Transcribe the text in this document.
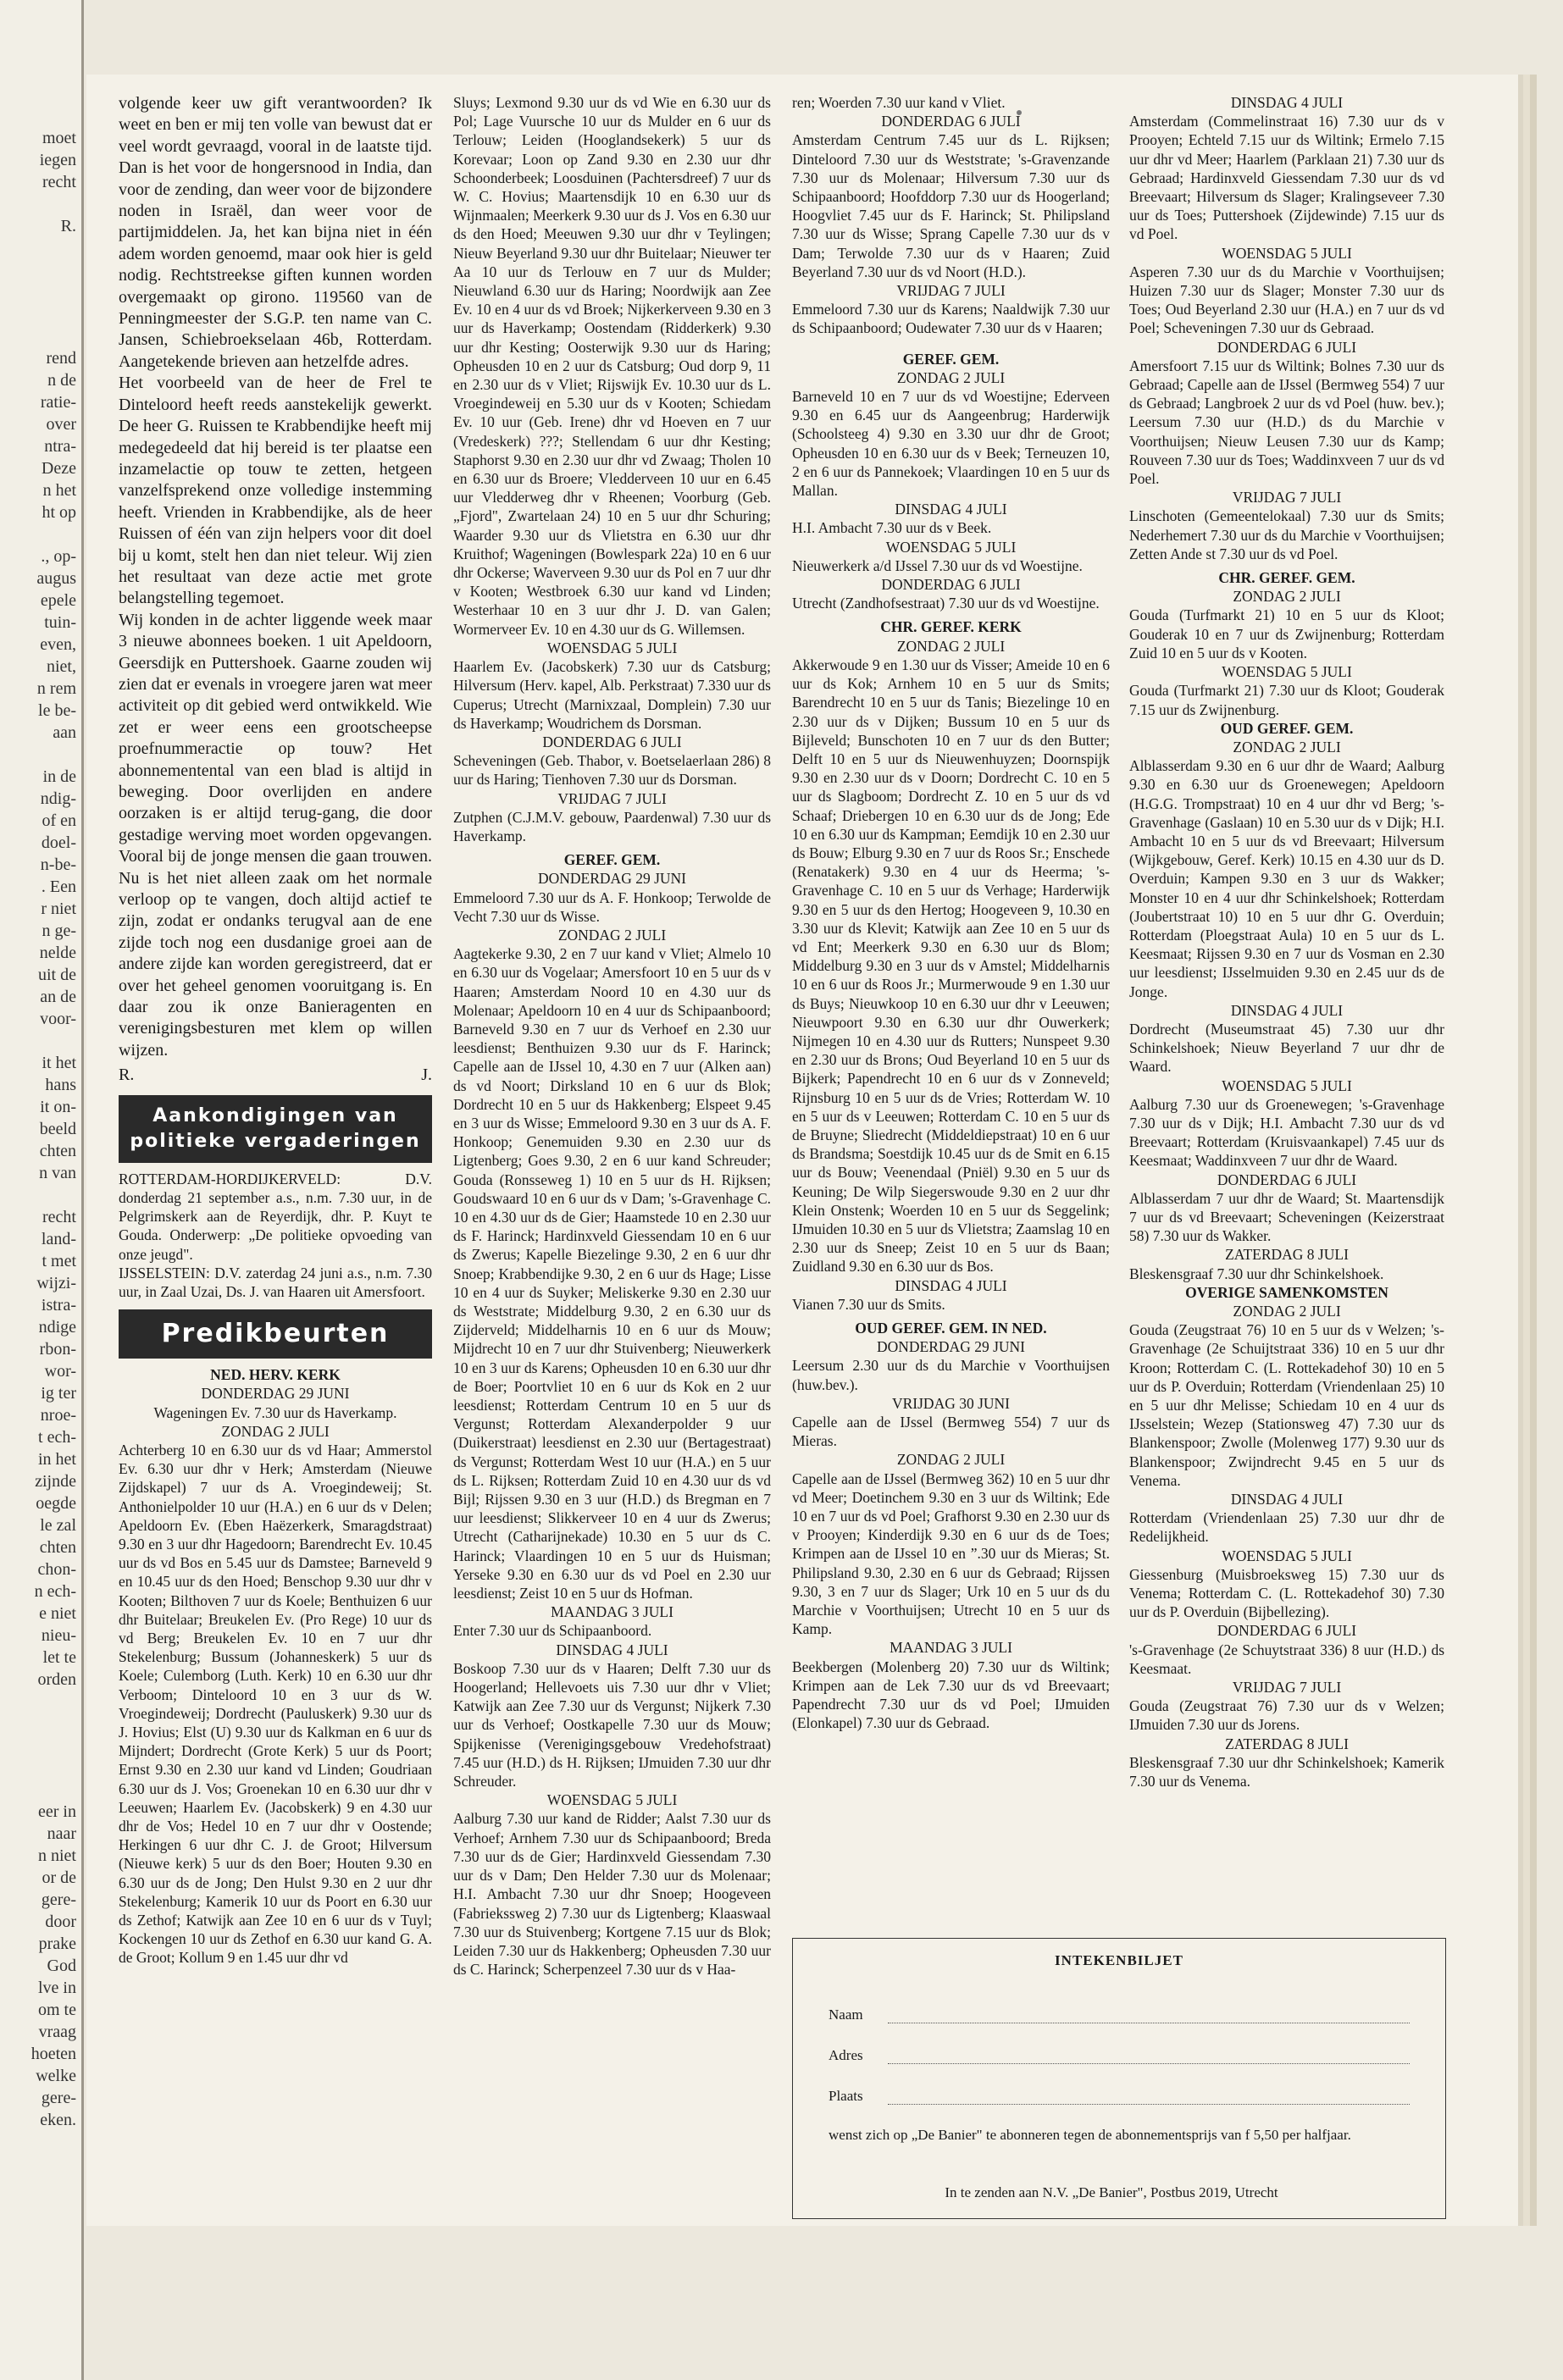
moet
iegen
recht

R.

rend
n de
ratie-
over
ntra-
Deze
n het
ht op

., op-
augus
epele
tuin-
even,
niet,
n rem
le be-
aan

in de
ndig-
of en
doel-
n-be-
. Een
r niet
n ge-
nelde
uit de
an de
voor-

it het
hans
it on-
beeld
chten
n van

recht
land-
t met
wijzi-
istra-
ndige
rbon-
wor-
ig ter
nroe-
t ech-
in het
zijnde
oegde
le zal
chten
chon-
n ech-
e niet
nieu-
let te
orden

eer in
naar
n niet
or de
gere-
door
prake
God
lve in
om te
vraag
hoeten
welke
gere-
eken.

volgende keer uw gift verantwoorden? Ik weet en ben er mij ten volle van bewust dat er veel wordt gevraagd, vooral in de laatste tijd. Dan is het voor de hongersnood in India, dan voor de zending, dan weer voor de bijzondere noden in Israël, dan weer voor de partijmiddelen. Ja, het kan bijna niet in één adem worden genoemd, maar ook hier is geld nodig. Rechtstreekse giften kunnen worden overgemaakt op girono. 119560 van de Penningmeester der S.G.P. ten name van C. Jansen, Schiebroekselaan 46b, Rotterdam. Aangetekende brieven aan hetzelfde adres.

Het voorbeeld van de heer de Frel te Dinteloord heeft reeds aanstekelijk gewerkt. De heer G. Ruissen te Krabbendijke heeft mij medegedeeld dat hij bereid is ter plaatse een inzamelactie op touw te zetten, hetgeen vanzelfsprekend onze volledige instemming heeft. Vrienden in Krabbendijke, als de heer Ruissen of één van zijn helpers voor dit doel bij u komt, stelt hen dan niet teleur. Wij zien het resultaat van deze actie met grote belangstelling tegemoet.

Wij konden in de achter liggende week maar 3 nieuwe abonnees boeken. 1 uit Apeldoorn, Geersdijk en Puttershoek. Gaarne zouden wij zien dat er evenals in vroegere jaren wat meer activiteit op dit gebied werd ontwikkeld. Wie zet er weer eens een grootscheepse proefnummeractie op touw? Het abonnementental van een blad is altijd in beweging. Door overlijden en andere oorzaken is er altijd terug-gang, die door gestadige werving moet worden opgevangen. Vooral bij de jonge mensen die gaan trouwen. Nu is het niet alleen zaak om het normale verloop op te vangen, doch altijd actief te zijn, zodat er ondanks terugval aan de ene zijde toch nog een dusdanige groei aan de andere zijde kan worden geregistreerd, dat er over het geheel genomen vooruitgang is. En daar zou ik onze Banieragenten en verenigingsbesturen met klem op willen wijzen.

R.	J.
Aankondigingen van
politieke vergaderingen

ROTTERDAM-HORDIJKERVELD: D.V. donderdag 21 september a.s., n.m. 7.30 uur, in de Pelgrimskerk aan de Reyerdijk, dhr. P. Kuyt te Gouda. Onderwerp: „De politieke opvoeding van onze jeugd".

IJSSELSTEIN: D.V. zaterdag 24 juni a.s., n.m. 7.30 uur, in Zaal Uzai, Ds. J. van Haaren uit Amersfoort.

Predikbeurten
NED. HERV. KERK
DONDERDAG 29 JUNI

Wageningen Ev. 7.30 uur ds Haverkamp.

ZONDAG 2 JULI

Achterberg 10 en 6.30 uur ds vd Haar; Ammerstol Ev. 6.30 uur dhr v Herk; Amsterdam (Nieuwe Zijdskapel) 7 uur ds A. Vroegindeweij; St. Anthonielpolder 10 uur (H.A.) en 6 uur ds v Delen; Apeldoorn Ev. (Eben Haëzerkerk, Smaragdstraat) 9.30 en 3 uur dhr Hagedoorn; Barendrecht Ev. 10.45 uur ds vd Bos en 5.45 uur ds Damstee; Barneveld 9 en 10.45 uur ds den Hoed; Benschop 9.30 uur dhr v Kooten; Bilthoven 7 uur ds Koele; Benthuizen 6 uur dhr Buitelaar; Breukelen Ev. (Pro Rege) 10 uur ds vd Berg; Breukelen Ev. 10 en 7 uur dhr Stekelenburg; Bussum (Johanneskerk) 5 uur ds Koele; Culemborg (Luth. Kerk) 10 en 6.30 uur dhr Verboom; Dinteloord 10 en 3 uur ds W. Vroegindeweij; Dordrecht (Pauluskerk) 9.30 uur ds J. Hovius; Elst (U) 9.30 uur ds Kalkman en 6 uur ds Mijndert; Dordrecht (Grote Kerk) 5 uur ds Poort; Ernst 9.30 en 2.30 uur kand vd Linden; Goudriaan 6.30 uur ds J. Vos; Groenekan 10 en 6.30 uur dhr v Leeuwen; Haarlem Ev. (Jacobskerk) 9 en 4.30 uur dhr de Vos; Hedel 10 en 7 uur dhr v Oostende; Herkingen 6 uur dhr C. J. de Groot; Hilversum (Nieuwe kerk) 5 uur ds den Boer; Houten 9.30 en 6.30 uur ds de Jong; Den Hulst 9.30 en 2 uur dhr Stekelenburg; Kamerik 10 uur ds Poort en 6.30 uur ds Zethof; Katwijk aan Zee 10 en 6 uur ds v Tuyl; Kockengen 10 uur ds Zethof en 6.30 uur kand G. A. de Groot; Kollum 9 en 1.45 uur dhr vd

Sluys; Lexmond 9.30 uur ds vd Wie en 6.30 uur ds Pol; Lage Vuursche 10 uur ds Mulder en 6 uur ds Terlouw; Leiden (Hooglandsekerk) 5 uur ds Korevaar; Loon op Zand 9.30 en 2.30 uur dhr Schoonderbeek; Loosduinen (Pachtersdreef) 7 uur ds W. C. Hovius; Maartensdijk 10 en 6.30 uur ds Wijnmaalen; Meerkerk 9.30 uur ds J. Vos en 6.30 uur ds den Hoed; Meeuwen 9.30 uur dhr v Teylingen; Nieuw Beyerland 9.30 uur dhr Buitelaar; Nieuwer ter Aa 10 uur ds Terlouw en 7 uur ds Mulder; Nieuwland 6.30 uur ds Haring; Noordwijk aan Zee Ev. 10 en 4 uur ds vd Broek; Nijkerkerveen 9.30 en 3 uur ds Haverkamp; Oostendam (Ridderkerk) 9.30 uur dhr Kesting; Oosterwijk 9.30 uur ds Haring; Opheusden 10 en 2 uur ds Catsburg; Oud dorp 9, 11 en 2.30 uur ds v Vliet; Rijswijk Ev. 10.30 uur ds L. Vroegindeweij en 5.30 uur ds v Kooten; Schiedam Ev. 10 uur (Geb. Irene) dhr vd Hoeven en 7 uur (Vredeskerk) ???; Stellendam 6 uur dhr Kesting; Staphorst 9.30 en 2.30 uur dhr vd Zwaag; Tholen 10 en 6.30 uur ds Broere; Vledderveen 10 uur en 6.45 uur Vledderweg dhr v Rheenen; Voorburg (Geb. „Fjord", Zwartelaan 24) 10 en 5 uur dhr Schuring; Waarder 9.30 uur ds Vlietstra en 6.30 uur dhr Kruithof; Wageningen (Bowlespark 22a) 10 en 6 uur dhr Ockerse; Waverveen 9.30 uur ds Pol en 7 uur dhr v Kooten; Westbroek 6.30 uur kand vd Linden; Westerhaar 10 en 3 uur dhr J. D. van Galen; Wormerveer Ev. 10 en 4.30 uur ds G. Willemsen.

WOENSDAG 5 JULI

Haarlem Ev. (Jacobskerk) 7.30 uur ds Catsburg; Hilversum (Herv. kapel, Alb. Perkstraat) 7.330 uur ds Cuperus; Utrecht (Marnixzaal, Domplein) 7.30 uur ds Haverkamp; Woudrichem ds Dorsman.

DONDERDAG 6 JULI

Scheveningen (Geb. Thabor, v. Boetselaerlaan 286) 8 uur ds Haring; Tienhoven 7.30 uur ds Dorsman.

VRIJDAG 7 JULI

Zutphen (C.J.M.V. gebouw, Paardenwal) 7.30 uur ds Haverkamp.

GEREF. GEM.
DONDERDAG 29 JUNI

Emmeloord 7.30 uur ds A. F. Honkoop; Terwolde de Vecht 7.30 uur ds Wisse.

ZONDAG 2 JULI

Aagtekerke 9.30, 2 en 7 uur kand v Vliet; Almelo 10 en 6.30 uur ds Vogelaar; Amersfoort 10 en 5 uur ds v Haaren; Amsterdam Noord 10 en 4.30 uur ds Molenaar; Apeldoorn 10 en 4 uur ds Schipaanboord; Barneveld 9.30 en 7 uur ds Verhoef en 2.30 uur leesdienst; Benthuizen 9.30 uur ds F. Harinck; Capelle aan de IJssel 10, 4.30 en 7 uur (Alken aan) ds vd Noort; Dirksland 10 en 6 uur ds Blok; Dordrecht 10 en 5 uur ds Hakkenberg; Elspeet 9.45 en 3 uur ds Wisse; Emmeloord 9.30 en 3 uur ds A. F. Honkoop; Genemuiden 9.30 en 2.30 uur ds Ligtenberg; Goes 9.30, 2 en 6 uur kand Schreuder; Gouda (Ronsseweg 1) 10 en 5 uur ds H. Rijksen; Goudswaard 10 en 6 uur ds v Dam; 's-Gravenhage C. 10 en 4.30 uur ds de Gier; Haamstede 10 en 2.30 uur ds F. Harinck; Hardinxveld Giessendam 10 en 6 uur ds Zwerus; Kapelle Biezelinge 9.30, 2 en 6 uur dhr Snoep; Krabbendijke 9.30, 2 en 6 uur ds Hage; Lisse 10 en 4 uur ds Suyker; Meliskerke 9.30 en 2.30 uur ds Weststrate; Middelburg 9.30, 2 en 6.30 uur ds Zijderveld; Middelharnis 10 en 6 uur ds Mouw; Mijdrecht 10 en 7 uur dhr Stuivenberg; Nieuwerkerk 10 en 3 uur ds Karens; Opheusden 10 en 6.30 uur dhr de Boer; Poortvliet 10 en 6 uur ds Kok en 2 uur leesdienst; Rotterdam Centrum 10 en 5 uur ds Vergunst; Rotterdam Alexanderpolder 9 uur (Duikerstraat) leesdienst en 2.30 uur (Bertagestraat) ds Vergunst; Rotterdam West 10 uur (H.A.) en 5 uur ds L. Rijksen; Rotterdam Zuid 10 en 4.30 uur ds vd Bijl; Rijssen 9.30 en 3 uur (H.D.) ds Bregman en 7 uur leesdienst; Slikkerveer 10 en 4 uur ds Zwerus; Utrecht (Catharijnekade) 10.30 en 5 uur ds C. Harinck; Vlaardingen 10 en 5 uur ds Huisman; Yerseke 9.30 en 6.30 uur ds vd Poel en 2.30 uur leesdienst; Zeist 10 en 5 uur ds Hofman.

MAANDAG 3 JULI

Enter 7.30 uur ds Schipaanboord.

DINSDAG 4 JULI

Boskoop 7.30 uur ds v Haaren; Delft 7.30 uur ds Hoogerland; Hellevoets uis 7.30 uur dhr v Vliet; Katwijk aan Zee 7.30 uur ds Vergunst; Nijkerk 7.30 uur ds Verhoef; Oostkapelle 7.30 uur ds Mouw; Spijkenisse (Verenigingsgebouw Vredehofstraat) 7.45 uur (H.D.) ds H. Rijksen; IJmuiden 7.30 uur dhr Schreuder.

WOENSDAG 5 JULI

Aalburg 7.30 uur kand de Ridder; Aalst 7.30 uur ds Verhoef; Arnhem 7.30 uur ds Schipaanboord; Breda 7.30 uur ds de Gier; Hardinxveld Giessendam 7.30 uur ds v Dam; Den Helder 7.30 uur ds Molenaar; H.I. Ambacht 7.30 uur dhr Snoep; Hoogeveen (Fabriekssweg 2) 7.30 uur ds Ligtenberg; Klaaswaal 7.30 uur ds Stuivenberg; Kortgene 7.15 uur ds Blok; Leiden 7.30 uur ds Hakkenberg; Opheusden 7.30 uur ds C. Harinck; Scherpenzeel 7.30 uur ds v Haa-

ren; Woerden 7.30 uur kand v Vliet.

DONDERDAG 6 JULI

Amsterdam Centrum 7.45 uur ds L. Rijksen; Dinteloord 7.30 uur ds Weststrate; 's-Gravenzande 7.30 uur ds Molenaar; Hilversum 7.30 uur ds Schipaanboord; Hoofddorp 7.30 uur ds Hoogerland; Hoogvliet 7.45 uur ds F. Harinck; St. Philipsland 7.30 uur ds Wisse; Sprang Capelle 7.30 uur ds v Dam; Terwolde 7.30 uur ds v Haaren; Zuid Beyerland 7.30 uur ds vd Noort (H.D.).

VRIJDAG 7 JULI

Emmeloord 7.30 uur ds Karens; Naaldwijk 7.30 uur ds Schipaanboord; Oudewater 7.30 uur ds v Haaren;

GEREF. GEM.
ZONDAG 2 JULI

Barneveld 10 en 7 uur ds vd Woestijne; Ederveen 9.30 en 6.45 uur ds Aangeenbrug; Harderwijk (Schoolsteeg 4) 9.30 en 3.30 uur dhr de Groot; Opheusden 10 en 6.30 uur ds v Beek; Terneuzen 10, 2 en 6 uur ds Pannekoek; Vlaardingen 10 en 5 uur ds Mallan.

DINSDAG 4 JULI

H.I. Ambacht 7.30 uur ds v Beek.

WOENSDAG 5 JULI

Nieuwerkerk a/d IJssel 7.30 uur ds vd Woestijne.

DONDERDAG 6 JULI

Utrecht (Zandhofsestraat) 7.30 uur ds vd Woestijne.

CHR. GEREF. KERK
ZONDAG 2 JULI

Akkerwoude 9 en 1.30 uur ds Visser; Ameide 10 en 6 uur ds Kok; Arnhem 10 en 5 uur ds Smits; Barendrecht 10 en 5 uur ds Tanis; Biezelinge 10 en 2.30 uur ds v Dijken; Bussum 10 en 5 uur ds Bijleveld; Bunschoten 10 en 7 uur ds den Butter; Delft 10 en 5 uur ds Nieuwenhuyzen; Doornspijk 9.30 en 2.30 uur ds v Doorn; Dordrecht C. 10 en 5 uur ds Slagboom; Dordrecht Z. 10 en 5 uur ds vd Schaaf; Driebergen 10 en 6.30 uur ds de Jong; Ede 10 en 6.30 uur ds Kampman; Eemdijk 10 en 2.30 uur ds Bouw; Elburg 9.30 en 7 uur ds Roos Sr.; Enschede (Renatakerk) 9.30 en 4 uur ds Heerma; 's-Gravenhage C. 10 en 5 uur ds Verhage; Harderwijk 9.30 en 5 uur ds den Hertog; Hoogeveen 9, 10.30 en 3.30 uur ds Klevit; Katwijk aan Zee 10 en 5 uur ds vd Ent; Meerkerk 9.30 en 6.30 uur ds Blom; Middelburg 9.30 en 3 uur ds v Amstel; Middelharnis 10 en 6 uur ds Roos Jr.; Murmerwoude 9 en 1.30 uur ds Buys; Nieuwkoop 10 en 6.30 uur dhr v Leeuwen; Nieuwpoort 9.30 en 6.30 uur dhr Ouwerkerk; Nijmegen 10 en 4.30 uur ds Rutters; Nunspeet 9.30 en 2.30 uur ds Brons; Oud Beyerland 10 en 5 uur ds Bijkerk; Papendrecht 10 en 6 uur ds v Zonneveld; Rijnsburg 10 en 5 uur ds de Vries; Rotterdam W. 10 en 5 uur ds v Leeuwen; Rotterdam C. 10 en 5 uur ds de Bruyne; Sliedrecht (Middeldiepstraat) 10 en 6 uur ds Brandsma; Soestdijk 10.45 uur ds de Smit en 6.15 uur ds Bouw; Veenendaal (Pniël) 9.30 en 5 uur ds Keuning; De Wilp Siegerswoude 9.30 en 2 uur dhr Klein Onstenk; Woerden 10 en 5 uur ds Seggelink; IJmuiden 10.30 en 5 uur ds Vlietstra; Zaamslag 10 en 2.30 uur ds Sneep; Zeist 10 en 5 uur ds Baan; Zuidland 9.30 en 6.30 uur ds Bos.

DINSDAG 4 JULI

Vianen 7.30 uur ds Smits.

OUD GEREF. GEM. IN NED.
DONDERDAG 29 JUNI

Leersum 2.30 uur ds du Marchie v Voorthuijsen (huw.bev.).

VRIJDAG 30 JUNI

Capelle aan de IJssel (Bermweg 554) 7 uur ds Mieras.

ZONDAG 2 JULI

Capelle aan de IJssel (Bermweg 362) 10 en 5 uur dhr vd Meer; Doetinchem 9.30 en 3 uur ds Wiltink; Ede 10 en 7 uur ds vd Poel; Grafhorst 9.30 en 2.30 uur ds v Prooyen; Kinderdijk 9.30 en 6 uur ds de Toes; Krimpen aan de IJssel 10 en ”.30 uur ds Mieras; St. Philipsland 9.30, 2.30 en 6 uur ds Gebraad; Rijssen 9.30, 3 en 7 uur ds Slager; Urk 10 en 5 uur ds du Marchie v Voorthuijsen; Utrecht 10 en 5 uur ds Kamp.

MAANDAG 3 JULI

Beekbergen (Molenberg 20) 7.30 uur ds Wiltink; Krimpen aan de Lek 7.30 uur ds vd Breevaart; Papendrecht 7.30 uur ds vd Poel; IJmuiden (Elonkapel) 7.30 uur ds Gebraad.

DINSDAG 4 JULI

Amsterdam (Commelinstraat 16) 7.30 uur ds v Prooyen; Echteld 7.15 uur ds Wiltink; Ermelo 7.15 uur dhr vd Meer; Haarlem (Parklaan 21) 7.30 uur ds Gebraad; Hardinxveld Giessendam 7.30 uur ds vd Breevaart; Hilversum ds Slager; Kralingseveer 7.30 uur ds Toes; Puttershoek (Zijdewinde) 7.15 uur ds vd Poel.

WOENSDAG 5 JULI

Asperen 7.30 uur ds du Marchie v Voorthuijsen; Huizen 7.30 uur ds Slager; Monster 7.30 uur ds Toes; Oud Beyerland 2.30 uur (H.A.) en 7 uur ds vd Poel; Scheveningen 7.30 uur ds Gebraad.

DONDERDAG 6 JULI

Amersfoort 7.15 uur ds Wiltink; Bolnes 7.30 uur ds Gebraad; Capelle aan de IJssel (Bermweg 554) 7 uur ds Gebraad; Langbroek 2 uur ds vd Poel (huw. bev.); Leersum 7.30 uur (H.D.) ds du Marchie v Voorthuijsen; Nieuw Leusen 7.30 uur ds Kamp; Rouveen 7.30 uur ds Toes; Waddinxveen 7 uur ds vd Poel.

VRIJDAG 7 JULI

Linschoten (Gemeentelokaal) 7.30 uur ds Smits; Nederhemert 7.30 uur ds du Marchie v Voorthuijsen; Zetten Ande st 7.30 uur ds vd Poel.

CHR. GEREF. GEM.
ZONDAG 2 JULI

Gouda (Turfmarkt 21) 10 en 5 uur ds Kloot; Gouderak 10 en 7 uur ds Zwijnenburg; Rotterdam Zuid 10 en 5 uur ds v Kooten.

WOENSDAG 5 JULI

Gouda (Turfmarkt 21) 7.30 uur ds Kloot; Gouderak 7.15 uur ds Zwijnenburg.

OUD GEREF. GEM.
ZONDAG 2 JULI

Alblasserdam 9.30 en 6 uur dhr de Waard; Aalburg 9.30 en 6.30 uur ds Groenewegen; Apeldoorn (H.G.G. Trompstraat) 10 en 4 uur dhr vd Berg; 's-Gravenhage (Gaslaan) 10 en 5.30 uur ds v Dijk; H.I. Ambacht 10 en 5 uur ds vd Breevaart; Hilversum (Wijkgebouw, Geref. Kerk) 10.15 en 4.30 uur ds D. Overduin; Kampen 9.30 en 3 uur ds Wakker; Monster 10 en 4 uur dhr Schinkelshoek; Rotterdam (Joubertstraat 10) 10 en 5 uur dhr G. Overduin; Rotterdam (Ploegstraat Aula) 10 en 5 uur ds L. Keesmaat; Rijssen 9.30 en 7 uur ds Vosman en 2.30 uur leesdienst; IJsselmuiden 9.30 en 2.45 uur ds de Jonge.

DINSDAG 4 JULI

Dordrecht (Museumstraat 45) 7.30 uur dhr Schinkelshoek; Nieuw Beyerland 7 uur dhr de Waard.

WOENSDAG 5 JULI

Aalburg 7.30 uur ds Groenewegen; 's-Gravenhage 7.30 uur ds v Dijk; H.I. Ambacht 7.30 uur ds vd Breevaart; Rotterdam (Kruisvaankapel) 7.45 uur ds Keesmaat; Waddinxveen 7 uur dhr de Waard.

DONDERDAG 6 JULI

Alblasserdam 7 uur dhr de Waard; St. Maartensdijk 7 uur ds vd Breevaart; Scheveningen (Keizerstraat 58) 7.30 uur ds Wakker.

ZATERDAG 8 JULI

Bleskensgraaf 7.30 uur dhr Schinkelshoek.

OVERIGE SAMENKOMSTEN
ZONDAG 2 JULI

Gouda (Zeugstraat 76) 10 en 5 uur ds v Welzen; 's-Gravenhage (2e Schuijtstraat 336) 10 en 5 uur dhr Kroon; Rotterdam C. (L. Rottekadehof 30) 10 en 5 uur ds P. Overduin; Rotterdam (Vriendenlaan 25) 10 en 5 uur dhr Melisse; Schiedam 10 en 4 uur ds IJsselstein; Wezep (Stationsweg 47) 7.30 uur ds Blankenspoor; Zwolle (Molenweg 177) 9.30 uur ds Blankenspoor; Zwijndrecht 9.45 en 5 uur ds Venema.

DINSDAG 4 JULI

Rotterdam (Vriendenlaan 25) 7.30 uur dhr de Redelijkheid.

WOENSDAG 5 JULI

Giessenburg (Muisbroeksweg 15) 7.30 uur ds Venema; Rotterdam C. (L. Rottekadehof 30) 7.30 uur ds P. Overduin (Bijbellezing).

DONDERDAG 6 JULI

's-Gravenhage (2e Schuytstraat 336) 8 uur (H.D.) ds Keesmaat.

VRIJDAG 7 JULI

Gouda (Zeugstraat 76) 7.30 uur ds v Welzen; IJmuiden 7.30 uur ds Jorens.

ZATERDAG 8 JULI

Bleskensgraaf 7.30 uur dhr Schinkelshoek; Kamerik 7.30 uur ds Venema.

INTEKENBILJET
Naam
Adres
Plaats
wenst zich op „De Banier" te abonneren tegen de abonnementsprijs van f 5,50 per halfjaar.
In te zenden aan N.V. „De Banier", Postbus 2019, Utrecht
